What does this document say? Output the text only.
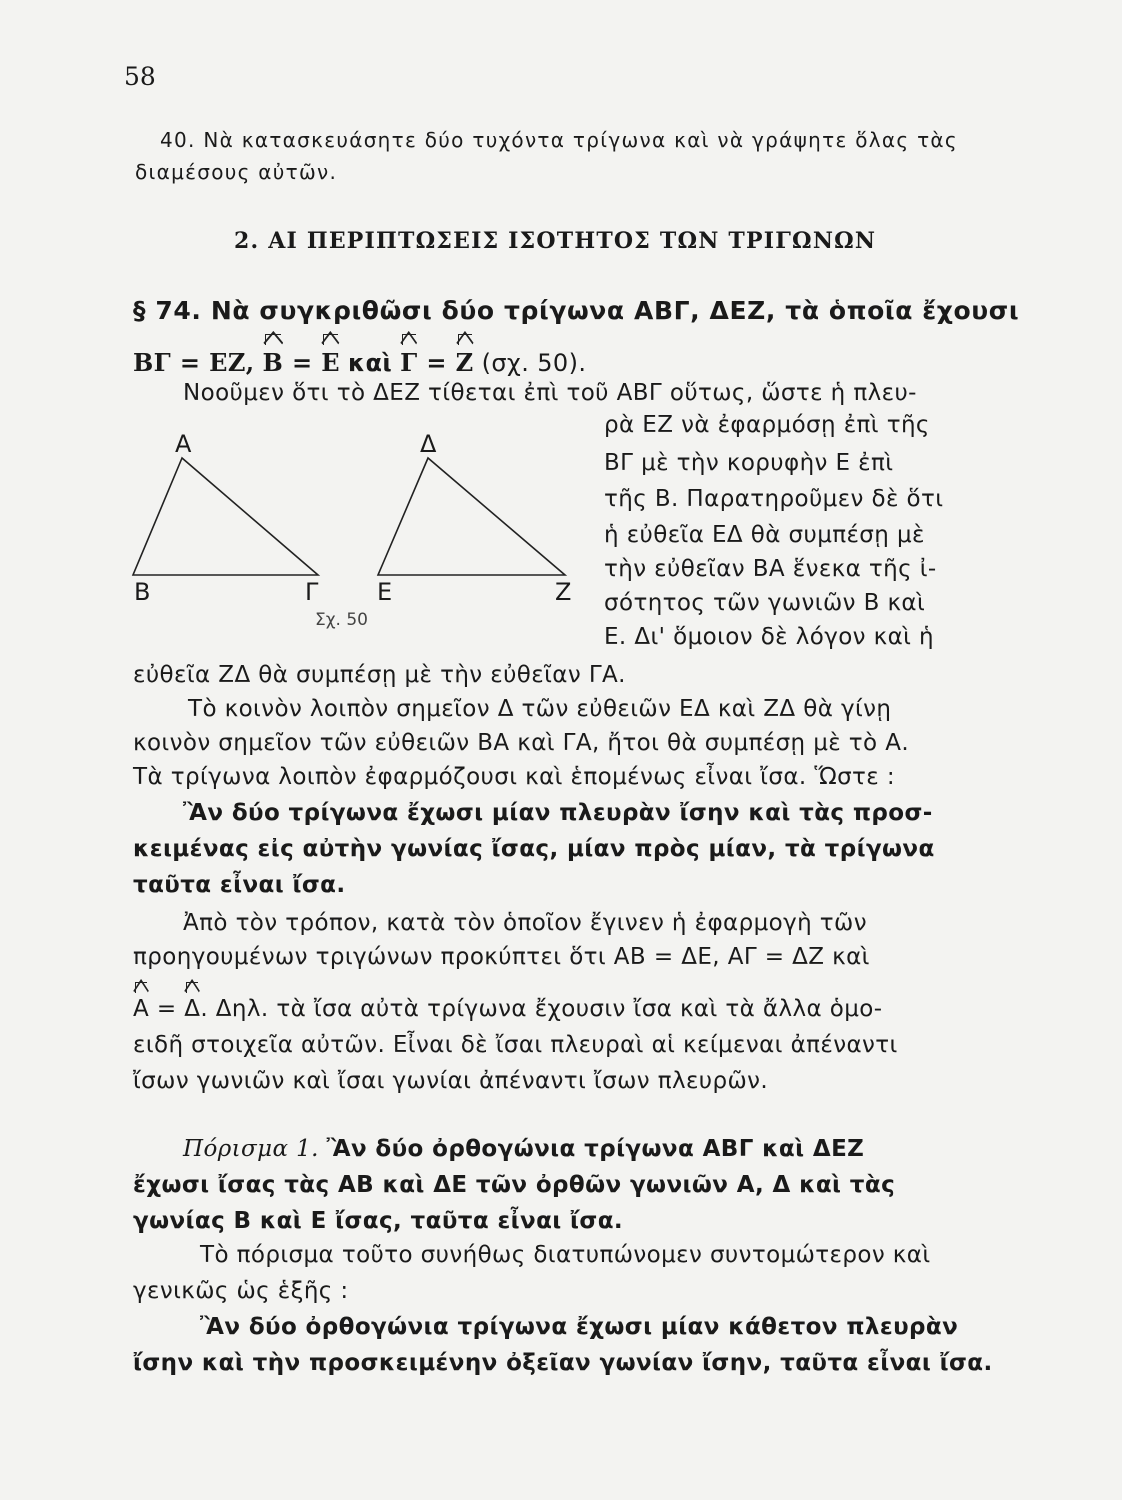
58
40. Νὰ κατασκευάσητε δύο τυχόντα τρίγωνα καὶ νὰ γράψητε ὅλας τὰς
διαμέσους αὐτῶν.
2. ΑΙ ΠΕΡΙΠΤΩΣΕΙΣ ΙΣΟΤΗΤΟΣ ΤΩΝ ΤΡΙΓΩΝΩΝ
§ 74. Νὰ συγκριθῶσι δύο τρίγωνα ΑΒΓ, ΔΕΖ, τὰ ὁποῖα ἔχουσι
ΒΓ = ΕΖ, Β =
Ε καὶ Γ =
Ζ (σχ. 50).
Α
Β	Γ
Δ
Ε	Ζ
Σχ. 50
Νοοῦμεν ὅτι τὸ ΔΕΖ τίθεται ἐπὶ τοῦ ΑΒΓ οὕτως, ὥστε ἡ πλευ-
ρὰ ΕΖ νὰ ἐφαρμόσῃ ἐπὶ τῆς
ΒΓ μὲ τὴν κορυφὴν Ε ἐπὶ
τῆς Β. Παρατηροῦμεν δὲ ὅτι
ἡ εὐθεῖα ΕΔ θὰ συμπέσῃ μὲ
τὴν εὐθεῖαν ΒΑ ἕνεκα τῆς ἰ-
σότητος τῶν γωνιῶν Β καὶ
Ε. Δι' ὅμοιον δὲ λόγον καὶ ἡ
εὐθεῖα ΖΔ θὰ συμπέσῃ μὲ τὴν εὐθεῖαν ΓΑ.
Τὸ κοινὸν λοιπὸν σημεῖον Δ τῶν εὐθειῶν ΕΔ καὶ ΖΔ θὰ γίνῃ
κοινὸν σημεῖον τῶν εὐθειῶν ΒΑ καὶ ΓΑ, ἤτοι θὰ συμπέσῃ μὲ τὸ Α.
Τὰ τρίγωνα λοιπὸν ἐφαρμόζουσι καὶ ἑπομένως εἶναι ἴσα. Ὥστε :
Ἂν δύο τρίγωνα ἔχωσι μίαν πλευρὰν ἴσην καὶ τὰς προσ-
κειμένας εἰς αὐτὴν γωνίας ἴσας, μίαν πρὸς μίαν, τὰ τρίγωνα
ταῦτα εἶναι ἴσα.
Ἀπὸ τὸν τρόπον, κατὰ τὸν ὁποῖον ἔγινεν ἡ ἐφαρμογὴ τῶν
προηγουμένων τριγώνων προκύπτει ὅτι ΑΒ = ΔΕ, ΑΓ = ΔΖ καὶ
Α =
Δ. Δηλ. τὰ ἴσα αὐτὰ τρίγωνα ἔχουσιν ἴσα καὶ τὰ ἄλλα ὁμο-
ειδῆ στοιχεῖα αὐτῶν. Εἶναι δὲ ἴσαι πλευραὶ αἱ κείμεναι ἀπέναντι
ἴσων γωνιῶν καὶ ἴσαι γωνίαι ἀπέναντι ἴσων πλευρῶν.
Πόρισμα 1. Ἂν δύο ὀρθογώνια τρίγωνα ΑΒΓ καὶ ΔΕΖ
ἔχωσι ἴσας τὰς ΑΒ καὶ ΔΕ τῶν ὀρθῶν γωνιῶν Α, Δ καὶ τὰς
γωνίας Β καὶ Ε ἴσας, ταῦτα εἶναι ἴσα.
Τὸ πόρισμα τοῦτο συνήθως διατυπώνομεν συντομώτερον καὶ
γενικῶς ὡς ἑξῆς :
Ἂν δύο ὀρθογώνια τρίγωνα ἔχωσι μίαν κάθετον πλευρὰν
ἴσην καὶ τὴν προσκειμένην ὀξεῖαν γωνίαν ἴσην, ταῦτα εἶναι ἴσα.
